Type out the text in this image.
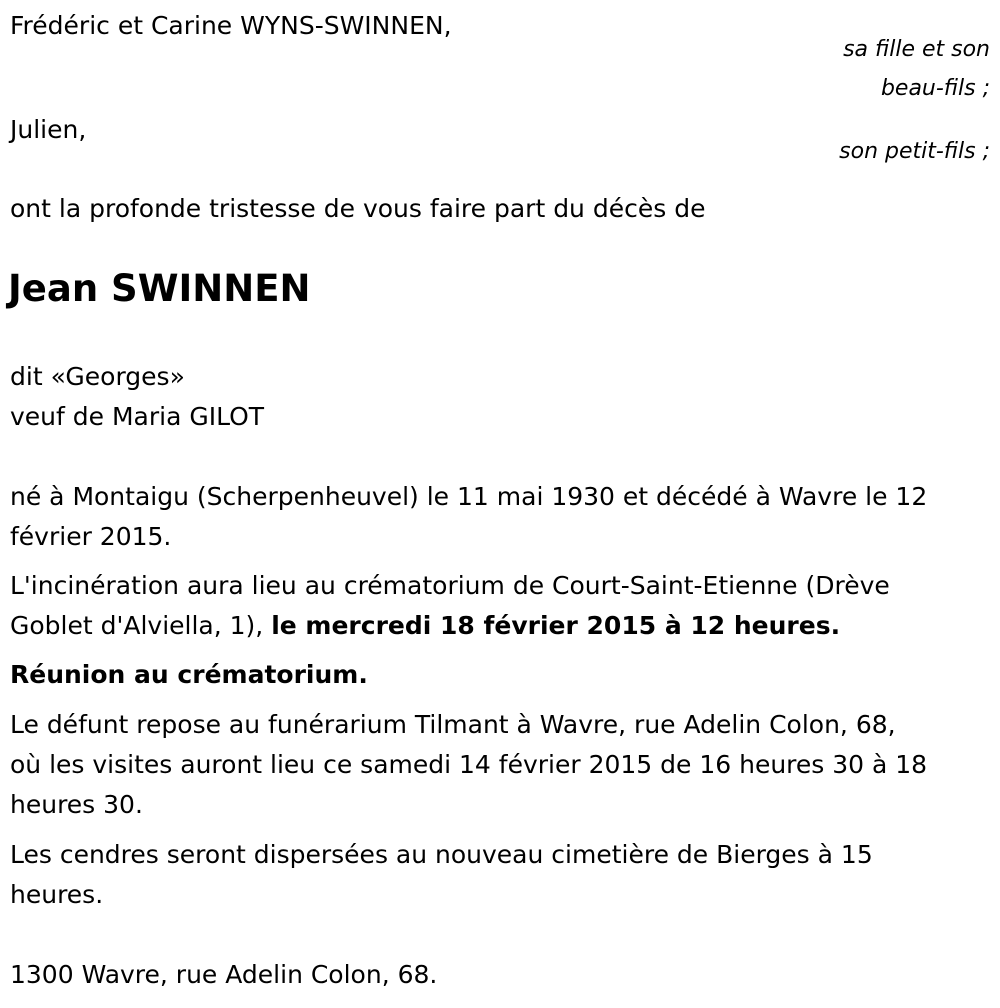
Frédéric et Carine WYNS-SWINNEN,
sa fille et son
beau-fils ;
Julien,
son petit-fils ;
ont la profonde tristesse de vous faire part du décès de
Jean SWINNEN
dit «Georges»
veuf de Maria GILOT
né à Montaigu (Scherpenheuvel) le 11 mai 1930 et décédé à Wavre le 12
février 2015.
L'incinération aura lieu au crématorium de Court-Saint-Etienne (Drève
Goblet d'Alviella, 1), le mercredi 18 février 2015 à 12 heures.
Réunion au crématorium.
Le défunt repose au funérarium Tilmant à Wavre, rue Adelin Colon, 68,
où les visites auront lieu ce samedi 14 février 2015 de 16 heures 30 à 18
heures 30.
Les cendres seront dispersées au nouveau cimetière de Bierges à 15
heures.
1300 Wavre, rue Adelin Colon, 68.
